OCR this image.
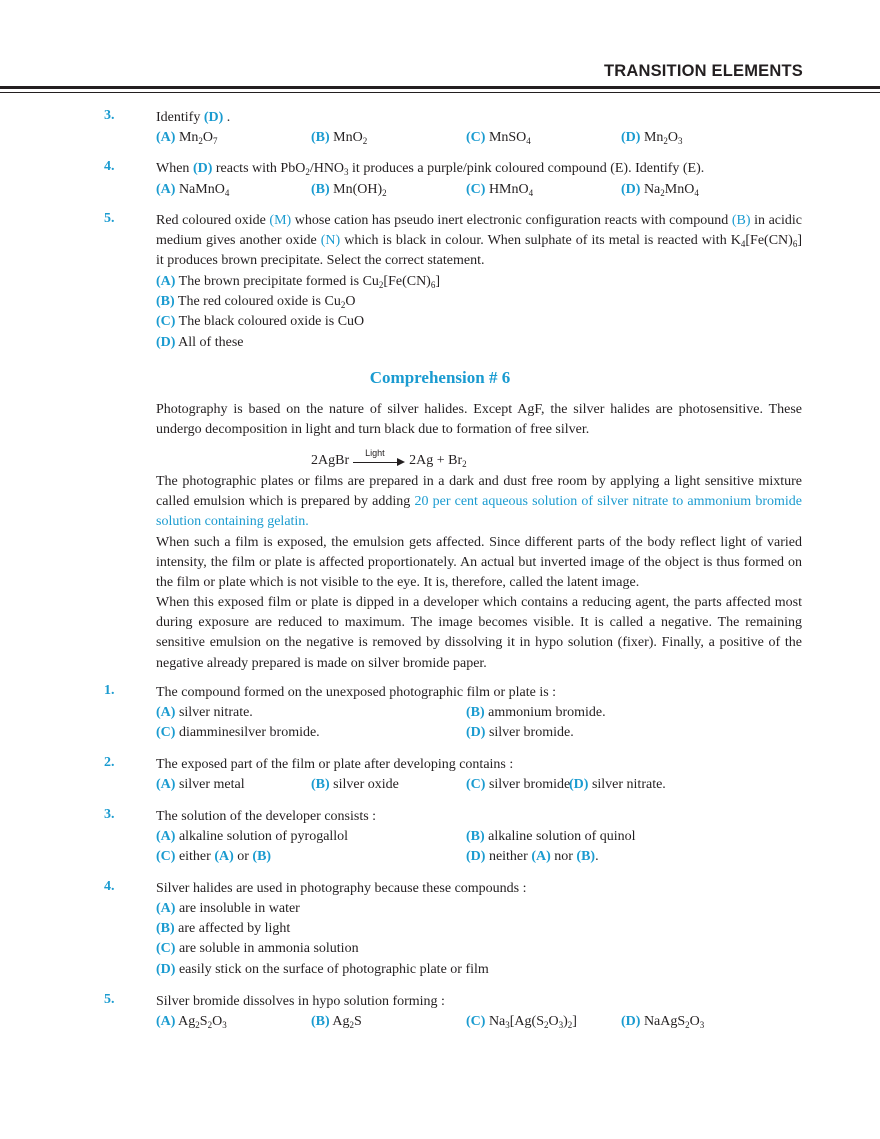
TRANSITION ELEMENTS
3.	Identify (D) .
(A) $Mn_2O_7$	(B) MnO$_2$	(C) MnSO$_4$	(D) $Mn_2O_3$
4.	When (D) reacts with $PbO_2/HNO_3$ it produces a purple/pink coloured compound (E). Identify (E).
(A) NaMnO$_4$	(B) $Mn(OH)_2$	(C) HMnO$_4$	(D) $Na_2MnO_4$
5.	Red coloured oxide (M) whose cation has pseudo inert electronic configuration reacts with compound (B) in acidic medium gives another oxide (N) which is black in colour. When sulphate of its metal is reacted with $K_4[Fe(CN)_6]$ it produces brown precipitate. Select the correct statement.
(A) The brown precipitate formed is $Cu_2[Fe(CN)_6]$
(B) The red coloured oxide is $Cu_2O$
(C) The black coloured oxide is CuO
(D) All of these
Comprehension # 6
Photography is based on the nature of silver halides. Except AgF, the silver halides are photosensitive. These undergo decomposition in light and turn black due to formation of free silver.
2AgBr
Light
$2Ag + Br_2$
The photographic plates or films are prepared in a dark and dust free room by applying a light sensitive mixture called emulsion which is prepared by adding 20 per cent aqueous solution of silver nitrate to ammonium bromide solution containing gelatin.
When such a film is exposed, the emulsion gets affected. Since different parts of the body reflect light of varied intensity, the film or plate is affected proportionately. An actual but inverted image of the object is thus formed on the film or plate which is not visible to the eye. It is, therefore, called the latent image.
When this exposed film or plate is dipped in a developer which contains a reducing agent, the parts affected most during exposure are reduced to maximum. The image becomes visible. It is called a negative. The remaining sensitive emulsion on the negative is removed by dissolving it in hypo solution (fixer). Finally, a positive of the negative already prepared is made on silver bromide paper.
1.	The compound formed on the unexposed photographic film or plate is :
(A) silver nitrate.	(B) ammonium bromide.
(C) diamminesilver bromide.	(D) silver bromide.
2.	The exposed part of the film or plate after developing contains :
(A) silver metal	(B) silver oxide	(C) silver bromide
(D) silver nitrate.
3.	The solution of the developer consists :
(A) alkaline solution of pyrogallol	(B) alkaline solution of quinol
(C) either (A) or (B)	(D) neither (A) nor (B).
4.	Silver halides are used in photography because these compounds :
(A) are insoluble in water
(B) are affected by light
(C) are soluble in ammonia solution
(D) easily stick on the surface of photographic plate or film
5.	Silver bromide dissolves in hypo solution forming :
(A) $Ag_2S_2O_3$	(B) $Ag_2S$	(C) $Na_3[Ag(S_2O_3)_2]$	(D) $NaAgS_2O_3$
